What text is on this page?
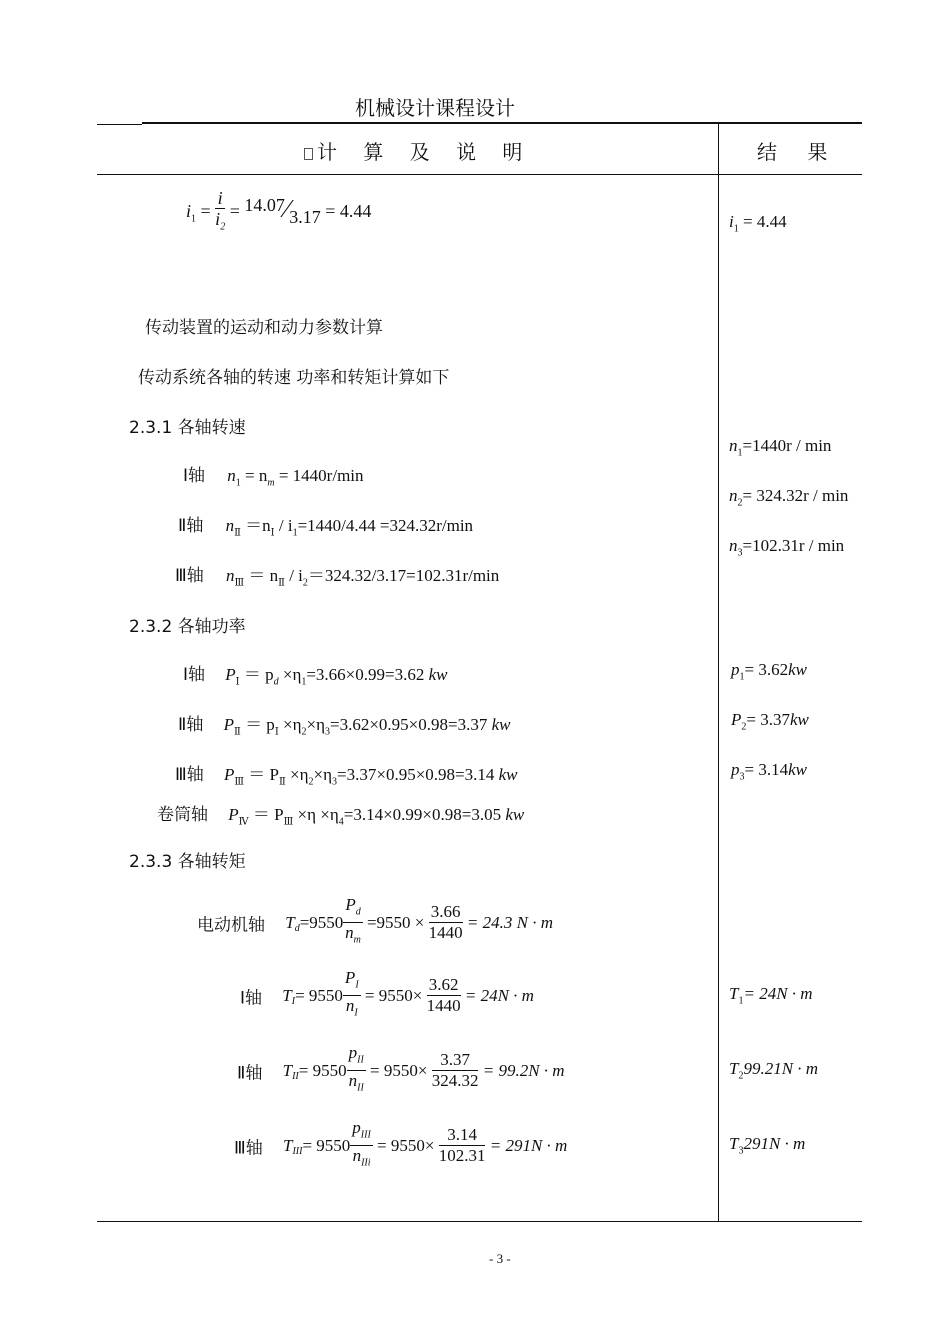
机械设计课程设计
计 算 及 说 明	结 果
$i_1 = \frac{i}{i_2}$ = 14.07∕3.17 = 4.44
$i_1 = 4.44$
传动装置的运动和动力参数计算
传动系统各轴的转速 功率和转矩计算如下
2.3.1 各轴转速
Ⅰ轴 $n_1 = n_m = 1440r/\min$
Ⅱ轴 $n_Ⅱ =n_Ⅰ / i_1=1440/4.44 =324.32r/\min$
Ⅲ轴 $n_Ⅲ = n_Ⅱ / i_2=324.32/3.17=102.31r/\min$
$n_1=1440r / \min$
$n_2= 324.32r / \min$
$n_3=102.31r / \min$
2.3.2 各轴功率
Ⅰ轴 $P_Ⅰ = p_d \times\eta_1=3.66\times 0.99=3.62$ kw
Ⅱ轴 $P_Ⅱ = p_Ⅰ \times\eta_2\times\eta_3=3.62\times 0.95\times 0.98=3.37$ kw
Ⅲ轴 $P_Ⅲ = P_Ⅱ \times\eta_2\times\eta_3=3.37\times 0.95\times 0.98=3.14$ kw
卷筒轴 $P_Ⅳ = P_Ⅲ \times\eta \times\eta_4=3.14\times 0.99\times 0.98=3.05$ kw
$p_1= 3.62kw$
$P_2= 3.37kw$
$p_3= 3.14kw$
2.3.3 各轴转矩
电动机轴 $T_d=9550 \frac{P_d}{n_m} =9550 \times \frac{3.66}{1440} = 24.3$ N · m
Ⅰ轴 $T_I= 9550 \frac{P_I}{n_I} = 9550\times \frac{3.62}{1440} = 24N \cdot m$
Ⅱ轴 $T_{II}= 9550 \frac{p_{II}}{n_{II}} = 9550\times \frac{3.37}{324.32} = 99.2N \cdot m$
Ⅲ轴 $T_{III}= 9550 \frac{p_{III}}{n_{IIi}} = 9550\times \frac{3.14}{102.31} = 291N \cdot m$
$T_1= 24N \cdot m$
$T_299.21N \cdot m$
$T_3291N \cdot m$
- 3 -
